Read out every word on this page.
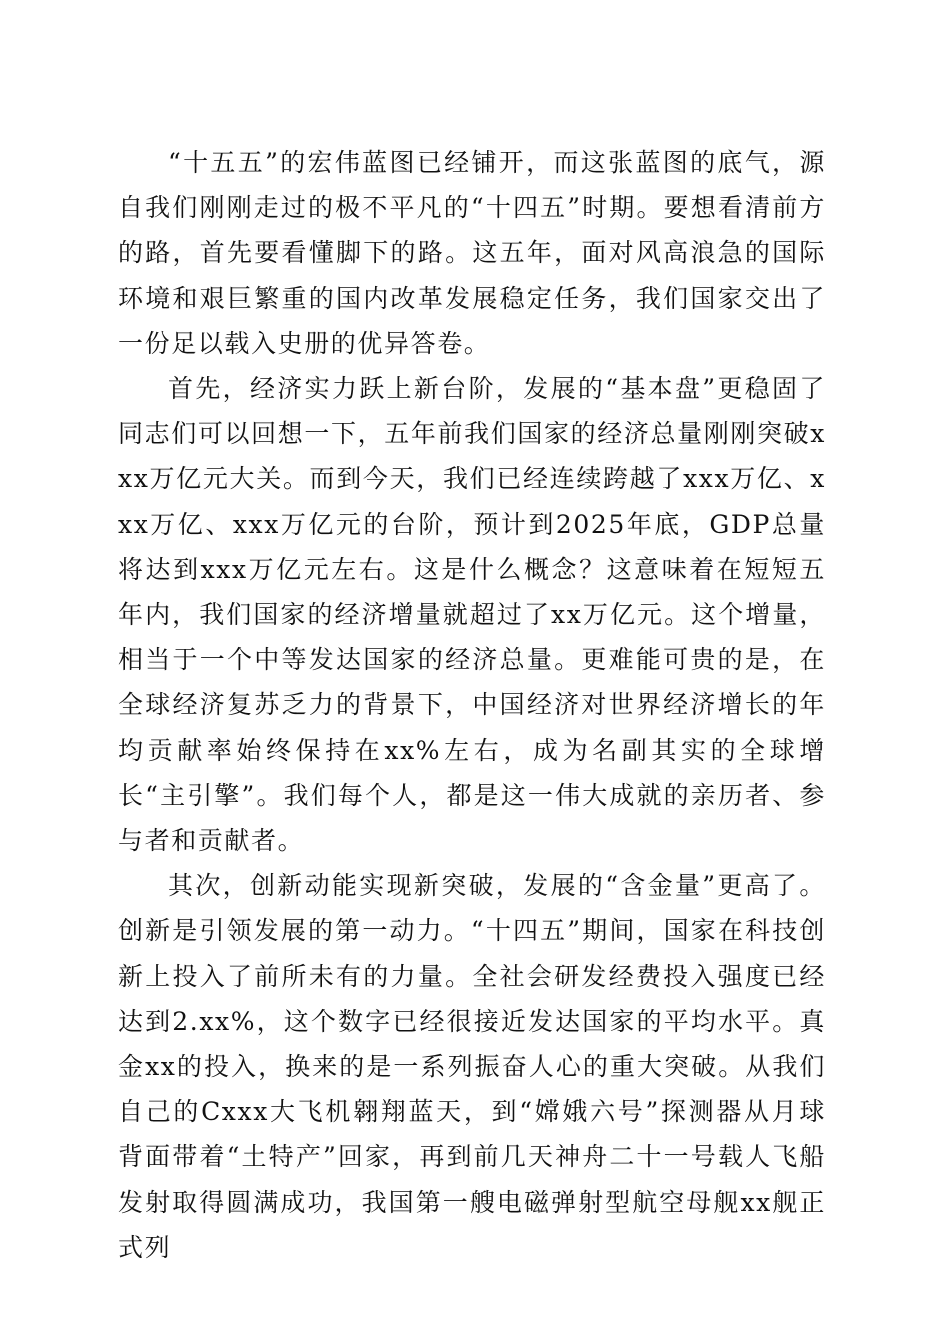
“十五五”的宏伟蓝图已经铺开，而这张蓝图的底气，源自我们刚刚走过的极不平凡的“十四五”时期。要想看清前方的路，首先要看懂脚下的路。这五年，面对风高浪急的国际环境和艰巨繁重的国内改革发展稳定任务，我们国家交出了一份足以载入史册的优异答卷。

首先，经济实力跃上新台阶，发展的“基本盘”更稳固了同志们可以回想一下，五年前我们国家的经济总量刚刚突破xxx万亿元大关。而到今天，我们已经连续跨越了xxx万亿、xxx万亿、xxx万亿元的台阶，预计到2025年底，GDP总量将达到xxx万亿元左右。这是什么概念？这意味着在短短五年内，我们国家的经济增量就超过了xx万亿元。这个增量，相当于一个中等发达国家的经济总量。更难能可贵的是，在全球经济复苏乏力的背景下，中国经济对世界经济增长的年均贡献率始终保持在xx%左右，成为名副其实的全球增长“主引擎”。我们每个人，都是这一伟大成就的亲历者、参与者和贡献者。

其次，创新动能实现新突破，发展的“含金量”更高了。创新是引领发展的第一动力。“十四五”期间，国家在科技创新上投入了前所未有的力量。全社会研发经费投入强度已经达到2.xx%，这个数字已经很接近发达国家的平均水平。真金xx的投入，换来的是一系列振奋人心的重大突破。从我们自己的Cxxx大飞机翱翔蓝天，到“嫦娥六号”探测器从月球背面带着“土特产”回家，再到前几天神舟二十一号载人飞船发射取得圆满成功，我国第一艘电磁弹射型航空母舰xx舰正式列
